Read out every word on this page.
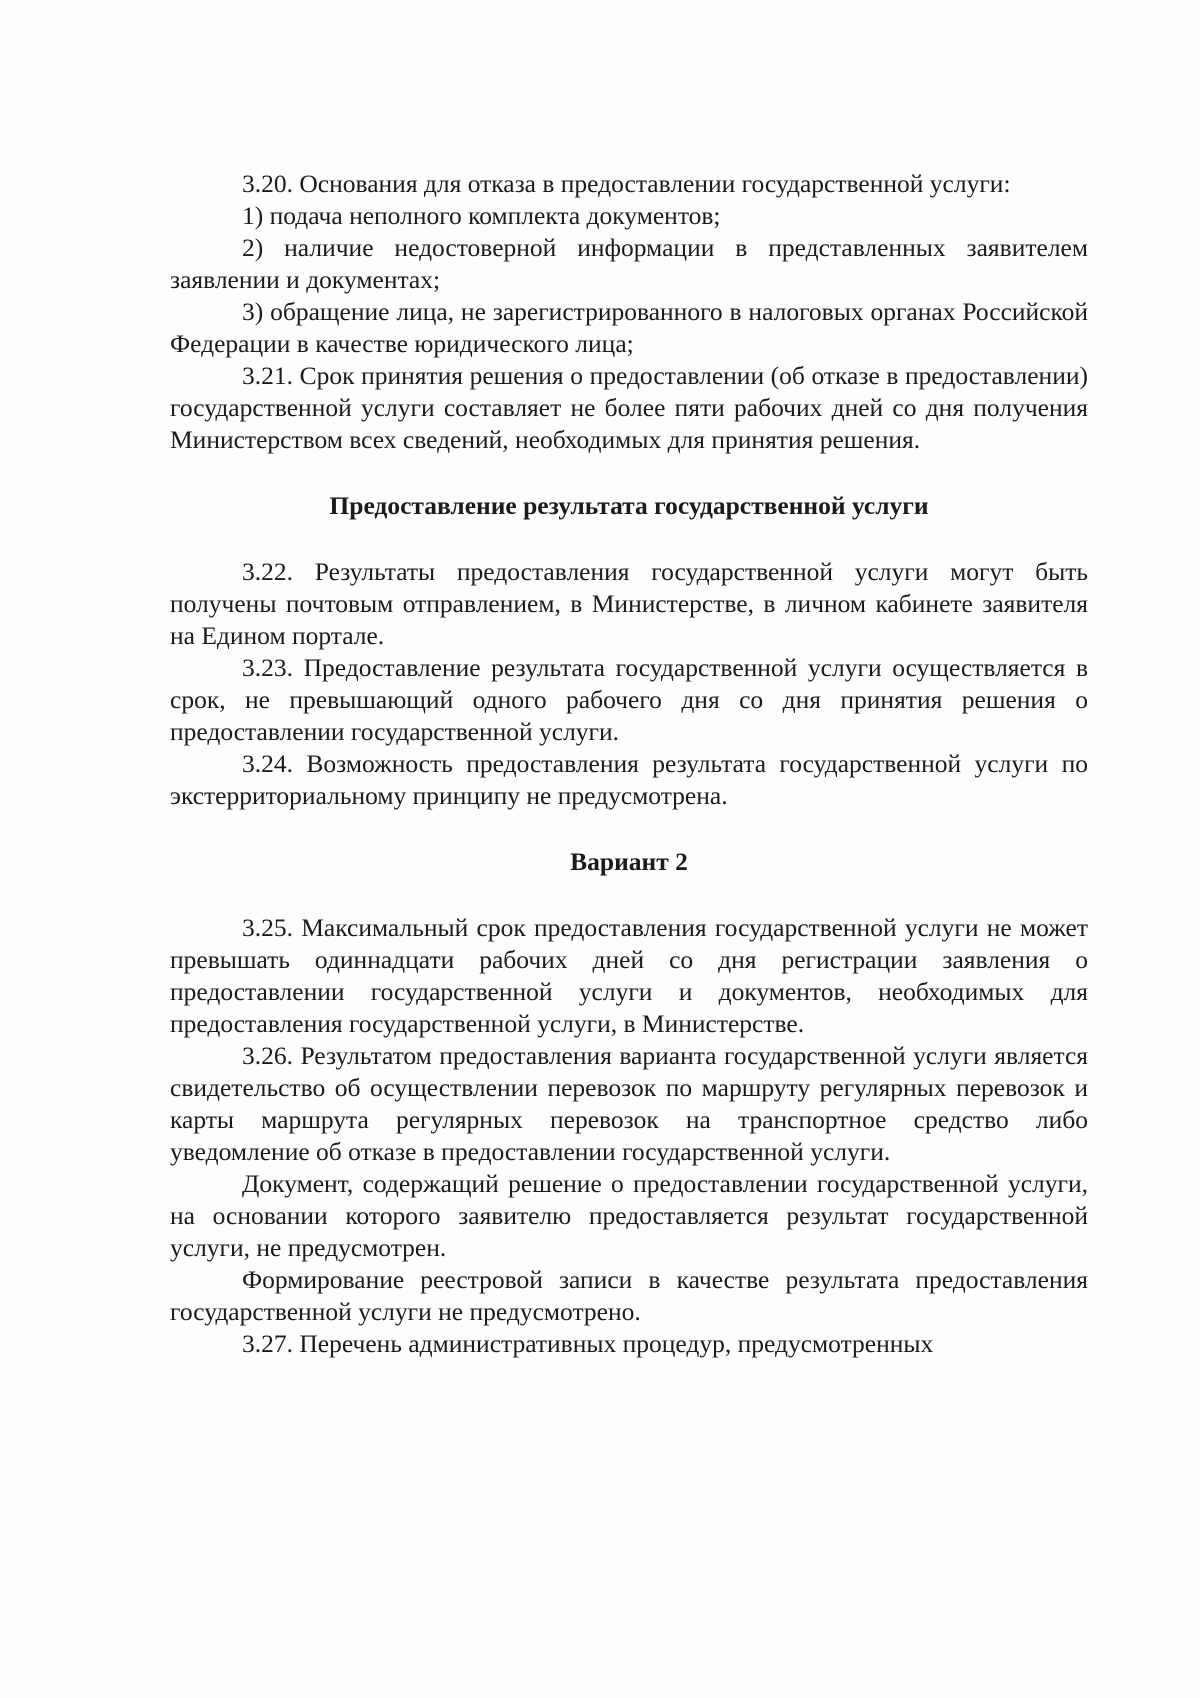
3.20. Основания для отказа в предоставлении государственной услуги:

1) подача неполного комплекта документов;

2) наличие недостоверной информации в представленных заявителем заявлении и документах;

3) обращение лица, не зарегистрированного в налоговых органах Российской Федерации в качестве юридического лица;

3.21. Срок принятия решения о предоставлении (об отказе в предоставлении) государственной услуги составляет не более пяти рабочих дней со дня получения Министерством всех сведений, необходимых для принятия решения.

Предоставление результата государственной услуги

3.22. Результаты предоставления государственной услуги могут быть получены почтовым отправлением, в Министерстве, в личном кабинете заявителя на Едином портале.

3.23. Предоставление результата государственной услуги осуществляется в срок, не превышающий одного рабочего дня со дня принятия решения о предоставлении государственной услуги.

3.24. Возможность предоставления результата государственной услуги по экстерриториальному принципу не предусмотрена.

Вариант 2

3.25. Максимальный срок предоставления государственной услуги не может превышать одиннадцати рабочих дней со дня регистрации заявления о предоставлении государственной услуги и документов, необходимых для предоставления государственной услуги, в Министерстве.

3.26. Результатом предоставления варианта государственной услуги является свидетельство об осуществлении перевозок по маршруту регулярных перевозок и карты маршрута регулярных перевозок на транспортное средство либо уведомление об отказе в предоставлении государственной услуги.

Документ, содержащий решение о предоставлении государственной услуги, на основании которого заявителю предоставляется результат государственной услуги, не предусмотрен.

Формирование реестровой записи в качестве результата предоставления государственной услуги не предусмотрено.

3.27. Перечень административных процедур, предусмотренных
